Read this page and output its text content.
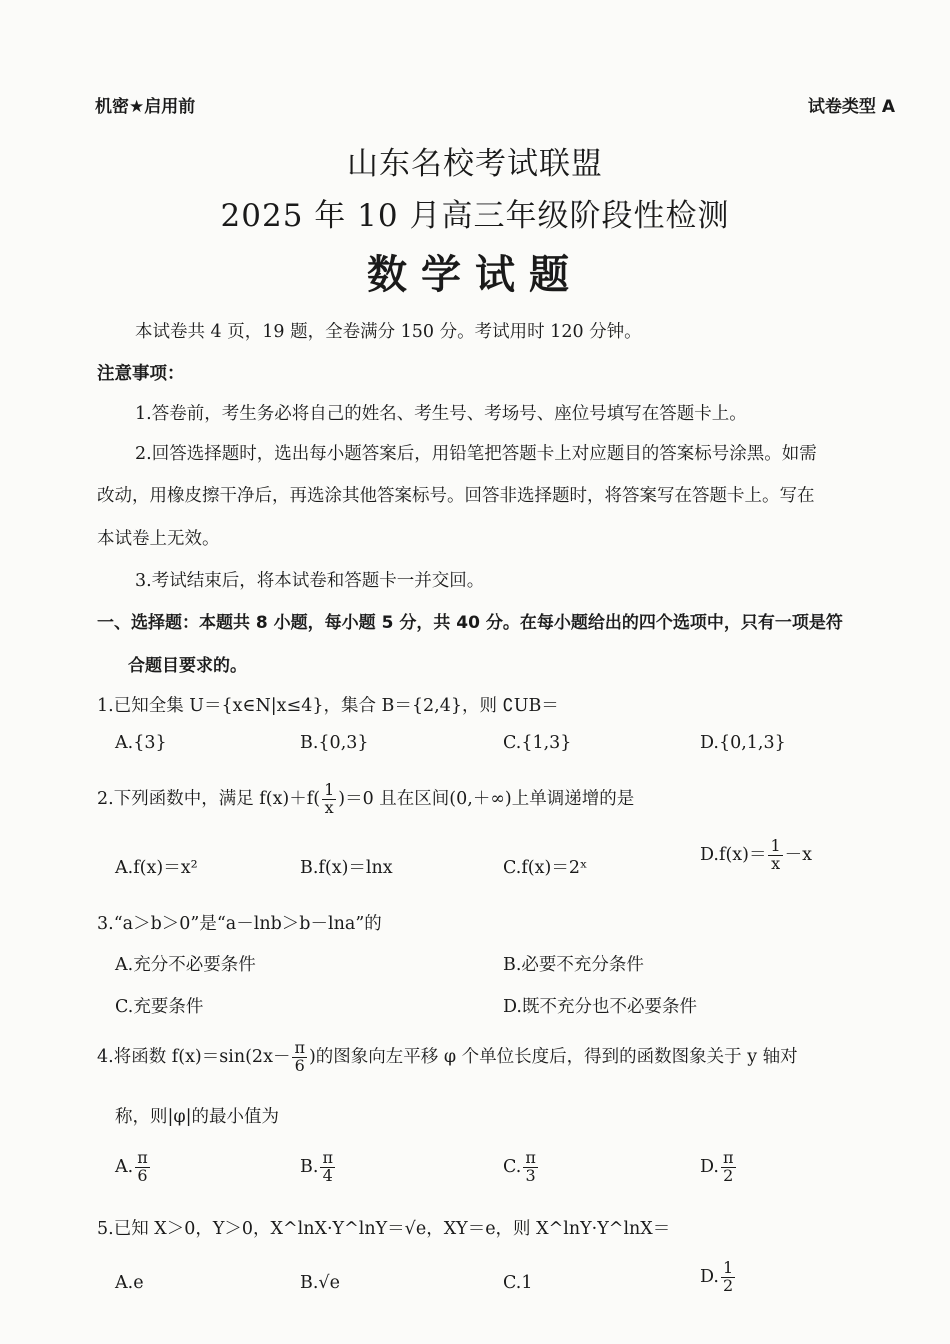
机密★启用前	试卷类型 A
山东名校考试联盟
2025 年 10 月高三年级阶段性检测
数学试题
本试卷共 4 页，19 题，全卷满分 150 分。考试用时 120 分钟。
注意事项：
1.答卷前，考生务必将自己的姓名、考生号、考场号、座位号填写在答题卡上。
2.回答选择题时，选出每小题答案后，用铅笔把答题卡上对应题目的答案标号涂黑。如需
改动，用橡皮擦干净后，再选涂其他答案标号。回答非选择题时，将答案写在答题卡上。写在
本试卷上无效。
3.考试结束后，将本试卷和答题卡一并交回。
一、选择题：本题共 8 小题，每小题 5 分，共 40 分。在每小题给出的四个选项中，只有一项是符
合题目要求的。
1.已知全集 U＝{x∈N|x≤4}，集合 B＝{2,4}，则 ∁UB＝
A.{3}	B.{0,3}	C.{1,3}	D.{0,1,3}
2.下列函数中，满足 $f(x)+f( \frac{1}{x} )=0$ 且在区间(0,＋∞)上单调递增的是
A.f(x)＝x²	B.f(x)＝lnx	C.f(x)＝2ˣ
$D.f(x)= \frac{1}{x} -x$
3.“a＞b＞0”是“a－lnb＞b－lna”的
A.充分不必要条件	B.必要不充分条件
C.充要条件	D.既不充分也不必要条件
4.将函数 $f(x)=\sin(2x- \frac{\pi}{6}$ )的图象向左平移 φ 个单位长度后，得到的函数图象关于 y 轴对
称，则|φ|的最小值为
A. $\frac{\pi}{6}$	B. $\frac{\pi}{4}$	C. $\frac{\pi}{3}$	D. $\frac{\pi}{2}$
5.已知 X＞0，Y＞0，X^lnX·Y^lnY＝√e，XY＝e，则 X^lnY·Y^lnX＝
A.e	B.√e	C.1	D. $\frac{1}{2}$
